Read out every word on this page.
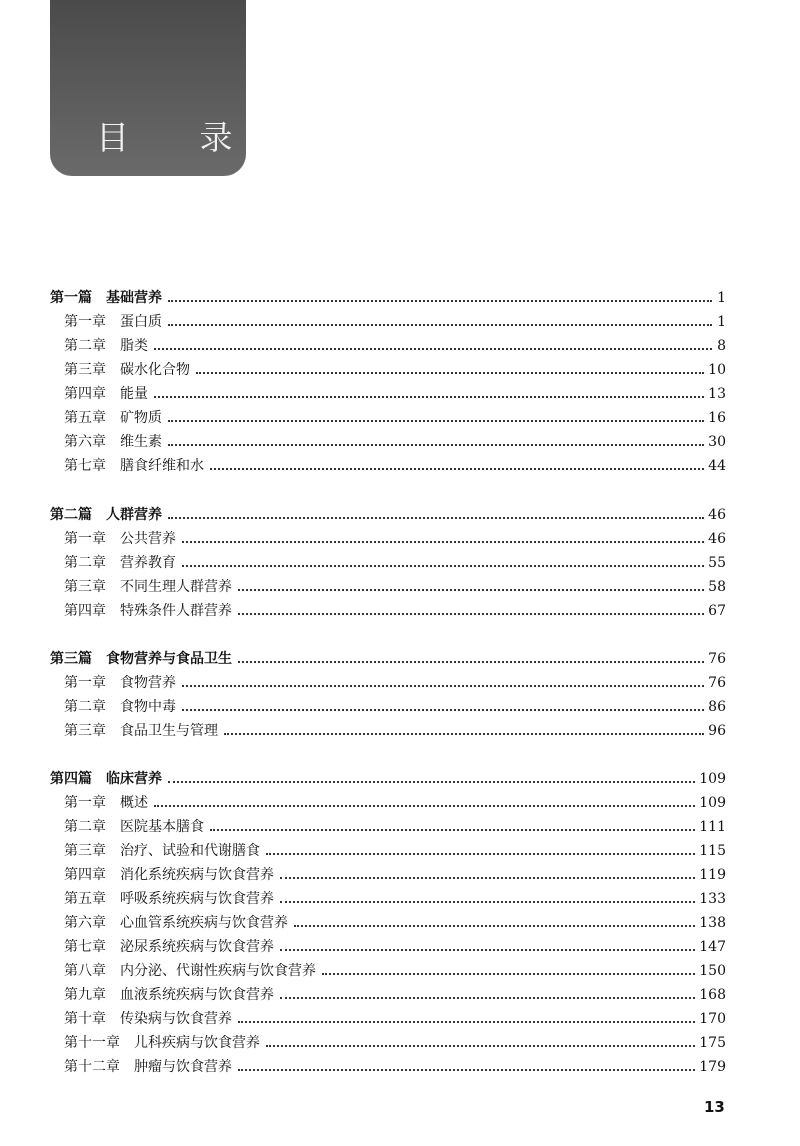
目 录
第一篇 基础营养	1
第一章 蛋白质	1
第二章 脂类	8
第三章 碳水化合物	10
第四章 能量	13
第五章 矿物质	16
第六章 维生素	30
第七章 膳食纤维和水	44
第二篇 人群营养	46
第一章 公共营养	46
第二章 营养教育	55
第三章 不同生理人群营养	58
第四章 特殊条件人群营养	67
第三篇 食物营养与食品卫生	76
第一章 食物营养	76
第二章 食物中毒	86
第三章 食品卫生与管理	96
第四篇 临床营养	109
第一章 概述	109
第二章 医院基本膳食	111
第三章 治疗、试验和代谢膳食	115
第四章 消化系统疾病与饮食营养	119
第五章 呼吸系统疾病与饮食营养	133
第六章 心血管系统疾病与饮食营养	138
第七章 泌尿系统疾病与饮食营养	147
第八章 内分泌、代谢性疾病与饮食营养	150
第九章 血液系统疾病与饮食营养	168
第十章 传染病与饮食营养	170
第十一章 儿科疾病与饮食营养	175
第十二章 肿瘤与饮食营养	179
13
